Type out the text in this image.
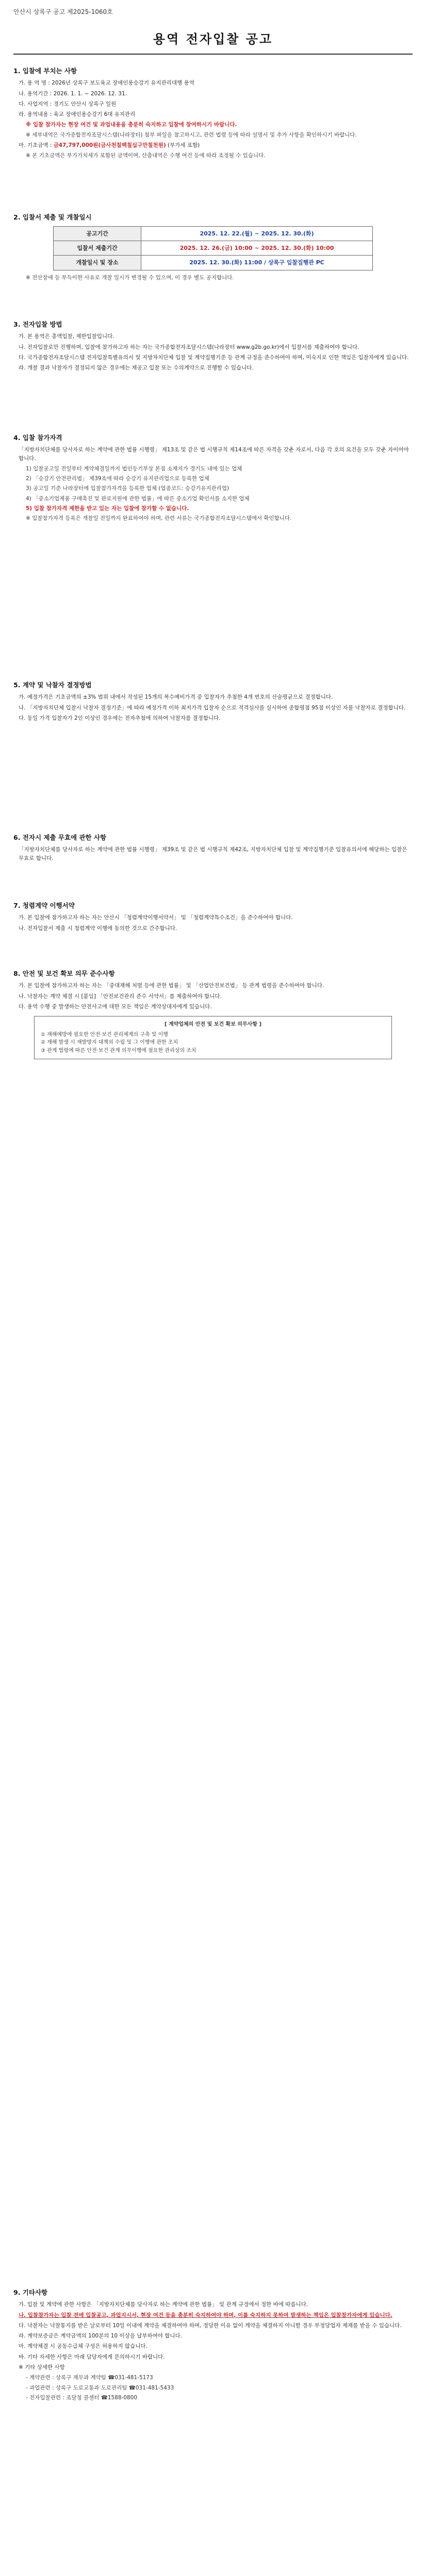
안산시 상록구 공고 제2025-1060호
용역 전자입찰 공고
1. 입찰에 부치는 사항
가. 용 역 명 : 2026년 상록구 보도육교 장애인용승강기 유지관리대행 용역
나. 용역기간 : 2026. 1. 1. ~ 2026. 12. 31.
다. 사업지역 : 경기도 안산시 상록구 일원
라. 용역내용 : 육교 장애인용승강기 6대 유지관리
※ 입찰 참가자는 현장 여건 및 과업내용을 충분히 숙지하고 입찰에 참여하시기 바랍니다.
※ 세부내역은 국가종합전자조달시스템(나라장터) 첨부 파일을 참고하시고, 관련 법령 등에 따라 설명서 및 추가 사항을 확인하시기 바랍니다.
마. 기초금액 : 금47,797,000원(금사천칠백칠십구만칠천원) (부가세 포함)
※ 본 기초금액은 부가가치세가 포함된 금액이며, 산출내역은 수행 여건 등에 따라 조정될 수 있습니다.
2. 입찰서 제출 및 개찰일시
공고기간	2025. 12. 22.(월) ~ 2025. 12. 30.(화)
입찰서 제출기간	2025. 12. 26.(금) 10:00 ~ 2025. 12. 30.(화) 10:00
개찰일시 및 장소	2025. 12. 30.(화) 11:00 / 상록구 입찰집행관 PC
※ 전산장애 등 부득이한 사유로 개찰 일시가 변경될 수 있으며, 이 경우 별도 공지합니다.
3. 전자입찰 방법
가. 본 용역은 총액입찰, 제한입찰입니다.
나. 전자입찰로만 진행하며, 입찰에 참가하고자 하는 자는 국가종합전자조달시스템(나라장터 www.g2b.go.kr)에서 입찰서를 제출하여야 합니다.
다. 국가종합전자조달시스템 전자입찰특별유의서 및 지방자치단체 입찰 및 계약집행기준 등 관계 규정을 준수하여야 하며, 미숙지로 인한 책임은 입찰자에게 있습니다.
라. 개찰 결과 낙찰자가 결정되지 않은 경우에는 재공고 입찰 또는 수의계약으로 진행할 수 있습니다.
4. 입찰 참가자격
「지방자치단체를 당사자로 하는 계약에 관한 법률 시행령」 제13조 및 같은 법 시행규칙 제14조에 따른 자격을 갖춘 자로서, 다음 각 호의 요건을 모두 갖춘 자이어야 합니다.
1) 입찰공고일 전일부터 계약체결일까지 법인등기부상 본점 소재지가 경기도 내에 있는 업체
2) 「승강기 안전관리법」 제39조에 따라 승강기 유지관리업으로 등록한 업체
3) 공고일 기준 나라장터에 입찰참가자격을 등록한 업체 (업종코드: 승강기유지관리업)
4) 「중소기업제품 구매촉진 및 판로지원에 관한 법률」에 따른 중소기업 확인서를 소지한 업체
5) 입찰 참가자격 제한을 받고 있는 자는 입찰에 참가할 수 없습니다.
※ 입찰참가자격 등록은 개찰일 전일까지 완료하여야 하며, 관련 서류는 국가종합전자조달시스템에서 확인합니다.
5. 계약 및 낙찰자 결정방법
가. 예정가격은 기초금액의 ±3% 범위 내에서 작성된 15개의 복수예비가격 중 입찰자가 추첨한 4개 번호의 산술평균으로 결정합니다.
나. 「지방자치단체 입찰시 낙찰자 결정기준」에 따라 예정가격 이하 최저가격 입찰자 순으로 적격심사를 실시하여 종합평점 95점 이상인 자를 낙찰자로 결정합니다.
다. 동일 가격 입찰자가 2인 이상인 경우에는 전자추첨에 의하여 낙찰자를 결정합니다.
6. 전자시 제출 무효에 관한 사항
「지방자치단체를 당사자로 하는 계약에 관한 법률 시행령」 제39조 및 같은 법 시행규칙 제42조, 지방자치단체 입찰 및 계약집행기준 입찰유의서에 해당하는 입찰은 무효로 합니다.
7. 청렴계약 이행서약
가. 본 입찰에 참가하고자 하는 자는 안산시 「청렴계약이행서약서」 및 「청렴계약특수조건」을 준수하여야 합니다.
나. 전자입찰서 제출 시 청렴계약 이행에 동의한 것으로 간주합니다.
8. 안전 및 보건 확보 의무 준수사항
가. 본 입찰에 참가하고자 하는 자는 「중대재해 처벌 등에 관한 법률」 및 「산업안전보건법」 등 관계 법령을 준수하여야 합니다.
나. 낙찰자는 계약 체결 시 [붙임] 「안전보건관리 준수 서약서」를 제출하여야 합니다.
다. 용역 수행 중 발생하는 안전사고에 대한 모든 책임은 계약상대자에게 있습니다.
[ 계약업체의 안전 및 보건 확보 의무사항 ]
① 재해예방에 필요한 안전·보건 관리체계의 구축 및 이행
② 재해 발생 시 재발방지 대책의 수립 및 그 이행에 관한 조치
③ 관계 법령에 따른 안전·보건 관계 의무이행에 필요한 관리상의 조치
9. 기타사항
가. 입찰 및 계약에 관한 사항은 「지방자치단체를 당사자로 하는 계약에 관한 법률」 및 관계 규정에서 정한 바에 따릅니다.
나. 입찰참가자는 입찰 전에 입찰공고, 과업지시서, 현장 여건 등을 충분히 숙지하여야 하며, 이를 숙지하지 못하여 발생하는 책임은 입찰참가자에게 있습니다.
다. 낙찰자는 낙찰통지를 받은 날로부터 10일 이내에 계약을 체결하여야 하며, 정당한 이유 없이 계약을 체결하지 아니할 경우 부정당업자 제재를 받을 수 있습니다.
라. 계약보증금은 계약금액의 100분의 10 이상을 납부하여야 합니다.
마. 계약체결 시 공동수급체 구성은 허용하지 않습니다.
바. 기타 자세한 사항은 아래 담당자에게 문의하시기 바랍니다.
※ 기타 상세한 사항
- 계약관련 : 상록구 재무과 계약팀 ☎031-481-5173
- 과업관련 : 상록구 도로교통과 도로관리팀 ☎031-481-5433
- 전자입찰관련 : 조달청 콜센터 ☎1588-0800
